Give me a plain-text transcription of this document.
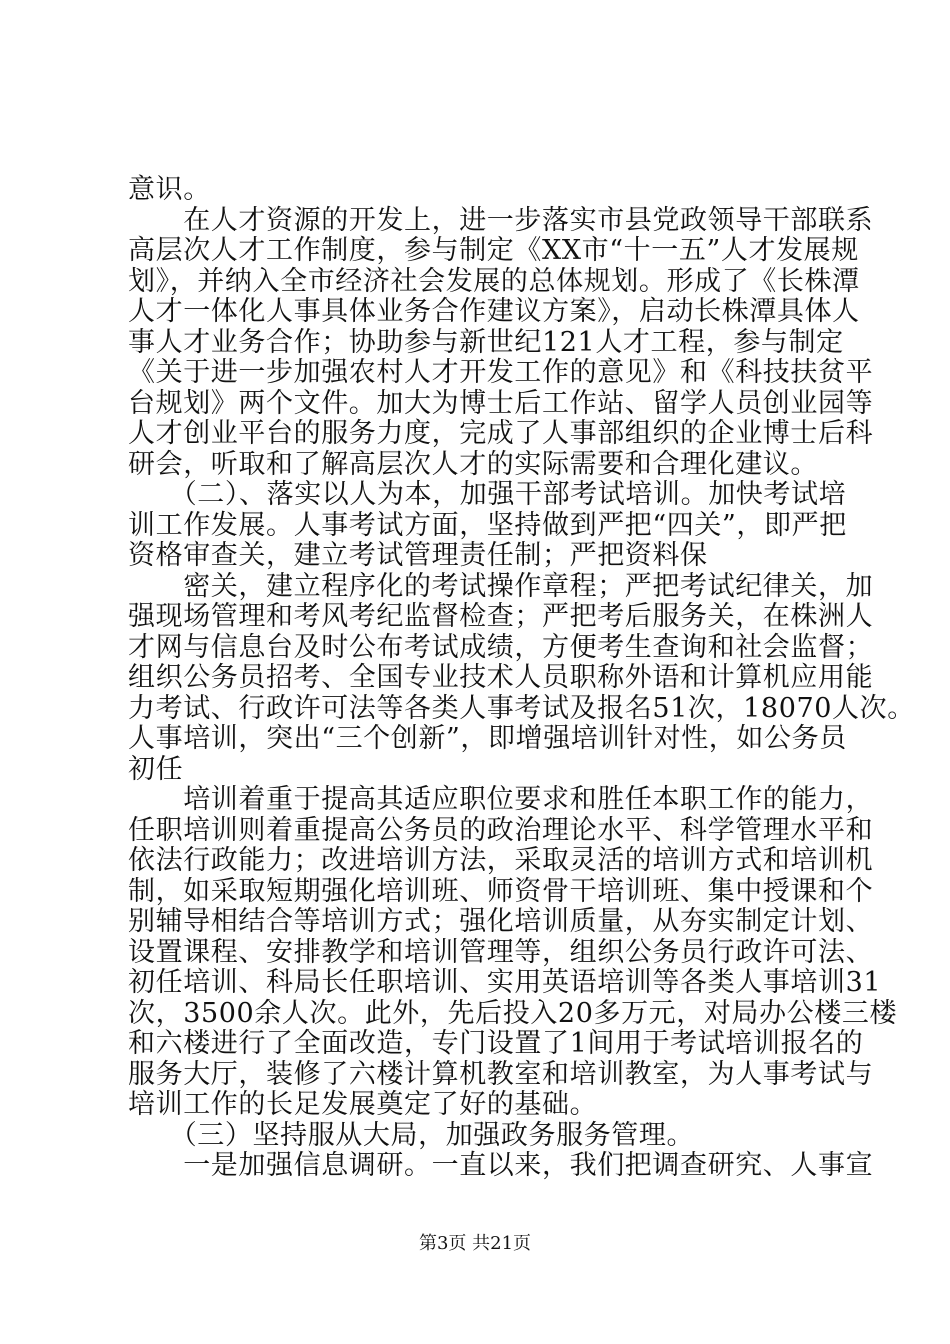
意识。
　　在人才资源的开发上，进一步落实市县党政领导干部联系
高层次人才工作制度，参与制定《XX市“十一五”人才发展规
划》，并纳入全市经济社会发展的总体规划。形成了《长株潭
人才一体化人事具体业务合作建议方案》，启动长株潭具体人
事人才业务合作；协助参与新世纪121人才工程，参与制定
《关于进一步加强农村人才开发工作的意见》和《科技扶贫平
台规划》两个文件。加大为博士后工作站、留学人员创业园等
人才创业平台的服务力度，完成了人事部组织的企业博士后科
研会，听取和了解高层次人才的实际需要和合理化建议。
　　（二）、落实以人为本，加强干部考试培训。加快考试培
训工作发展。人事考试方面，坚持做到严把“四关”，即严把
资格审查关，建立考试管理责任制；严把资料保
　　密关，建立程序化的考试操作章程；严把考试纪律关，加
强现场管理和考风考纪监督检查；严把考后服务关，在株洲人
才网与信息台及时公布考试成绩，方便考生查询和社会监督；
组织公务员招考、全国专业技术人员职称外语和计算机应用能
力考试、行政许可法等各类人事考试及报名51次，18070人次。
人事培训，突出“三个创新”，即增强培训针对性，如公务员
初任
　　培训着重于提高其适应职位要求和胜任本职工作的能力，
任职培训则着重提高公务员的政治理论水平、科学管理水平和
依法行政能力；改进培训方法，采取灵活的培训方式和培训机
制，如采取短期强化培训班、师资骨干培训班、集中授课和个
别辅导相结合等培训方式；强化培训质量，从夯实制定计划、
设置课程、安排教学和培训管理等，组织公务员行政许可法、
初任培训、科局长任职培训、实用英语培训等各类人事培训31
次，3500余人次。此外，先后投入20多万元，对局办公楼三楼
和六楼进行了全面改造，专门设置了1间用于考试培训报名的
服务大厅，装修了六楼计算机教室和培训教室，为人事考试与
培训工作的长足发展奠定了好的基础。
　　（三）坚持服从大局，加强政务服务管理。
　　一是加强信息调研。一直以来，我们把调查研究、人事宣
第3页 共21页
